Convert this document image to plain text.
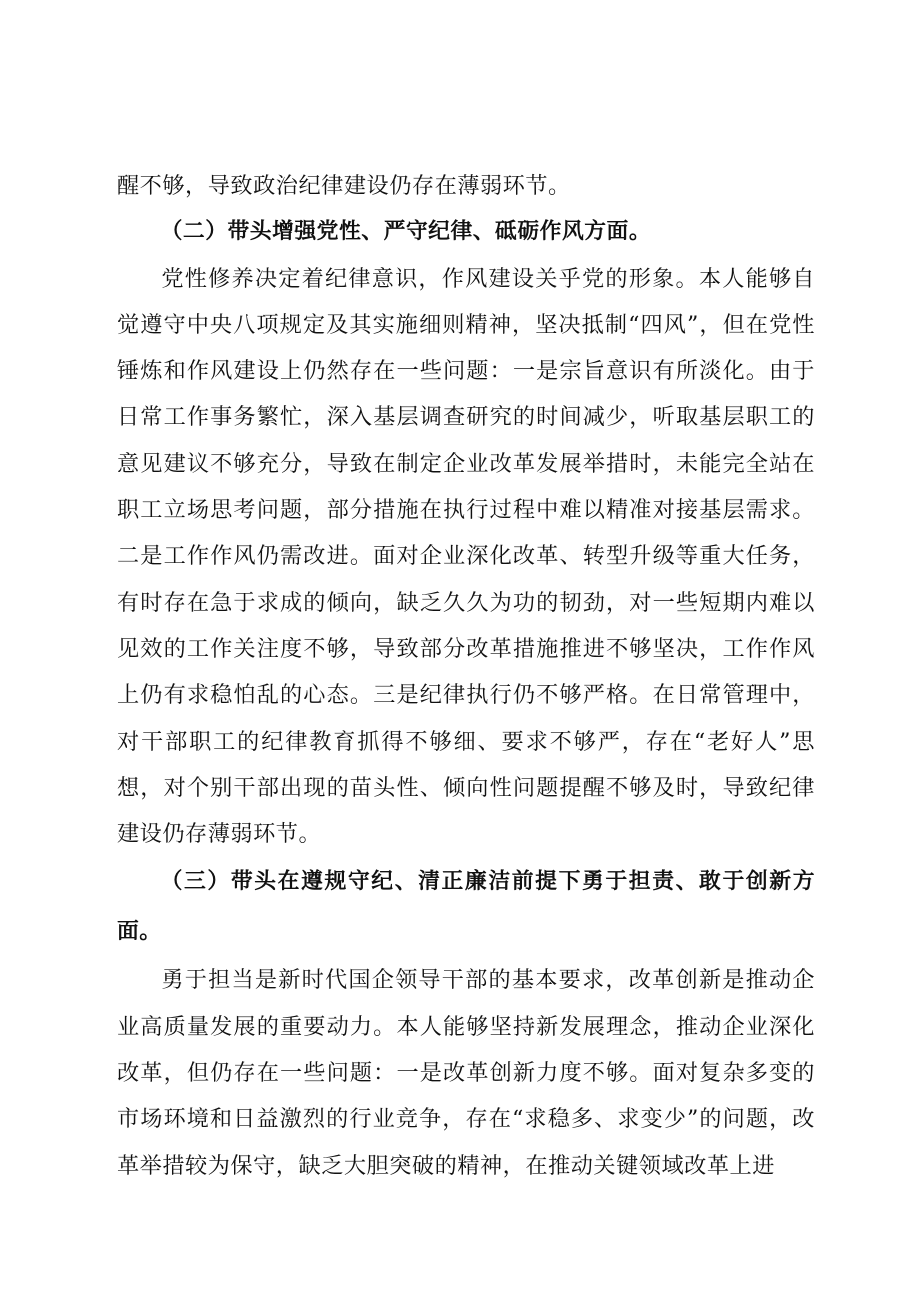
醒不够，导致政治纪律建设仍存在薄弱环节。

（二）带头增强党性、严守纪律、砥砺作风方面。

党性修养决定着纪律意识，作风建设关乎党的形象。本人能够自觉遵守中央八项规定及其实施细则精神，坚决抵制“四风”，但在党性锤炼和作风建设上仍然存在一些问题：一是宗旨意识有所淡化。由于日常工作事务繁忙，深入基层调查研究的时间减少，听取基层职工的意见建议不够充分，导致在制定企业改革发展举措时，未能完全站在职工立场思考问题，部分措施在执行过程中难以精准对接基层需求。二是工作作风仍需改进。面对企业深化改革、转型升级等重大任务，有时存在急于求成的倾向，缺乏久久为功的韧劲，对一些短期内难以见效的工作关注度不够，导致部分改革措施推进不够坚决，工作作风上仍有求稳怕乱的心态。三是纪律执行仍不够严格。在日常管理中，对干部职工的纪律教育抓得不够细、要求不够严，存在“老好人”思想，对个别干部出现的苗头性、倾向性问题提醒不够及时，导致纪律建设仍存薄弱环节。

（三）带头在遵规守纪、清正廉洁前提下勇于担责、敢于创新方面。

勇于担当是新时代国企领导干部的基本要求，改革创新是推动企业高质量发展的重要动力。本人能够坚持新发展理念，推动企业深化改革，但仍存在一些问题：一是改革创新力度不够。面对复杂多变的市场环境和日益激烈的行业竞争，存在“求稳多、求变少”的问题，改革举措较为保守，缺乏大胆突破的精神，在推动关键领域改革上进
